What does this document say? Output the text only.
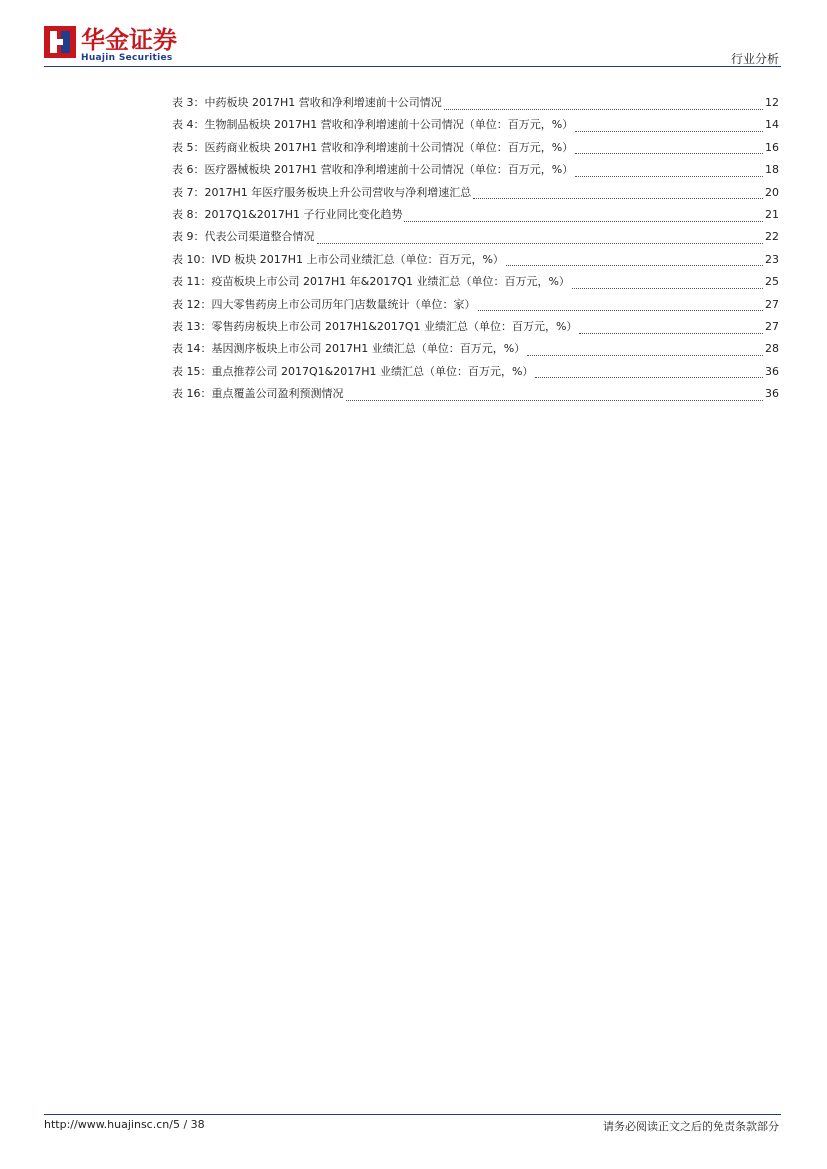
华金证券
Huajin Securities	行业分析
表 3：中药板块 2017H1 营收和净利增速前十公司情况	12
表 4：生物制品板块 2017H1 营收和净利增速前十公司情况（单位：百万元，%）	14
表 5：医药商业板块 2017H1 营收和净利增速前十公司情况（单位：百万元，%）	16
表 6：医疗器械板块 2017H1 营收和净利增速前十公司情况（单位：百万元，%）	18
表 7：2017H1 年医疗服务板块上升公司营收与净利增速汇总	20
表 8：2017Q1&2017H1 子行业同比变化趋势	21
表 9：代表公司渠道整合情况	22
表 10：IVD 板块 2017H1 上市公司业绩汇总（单位：百万元，%）	23
表 11：疫苗板块上市公司 2017H1 年&2017Q1 业绩汇总（单位：百万元，%）	25
表 12：四大零售药房上市公司历年门店数量统计（单位：家）	27
表 13：零售药房板块上市公司 2017H1&2017Q1 业绩汇总（单位：百万元，%）	27
表 14：基因测序板块上市公司 2017H1 业绩汇总（单位：百万元，%）	28
表 15：重点推荐公司 2017Q1&2017H1 业绩汇总（单位：百万元，%）	36
表 16：重点覆盖公司盈利预测情况	36
http://www.huajinsc.cn/5 / 38	请务必阅读正文之后的免责条款部分
